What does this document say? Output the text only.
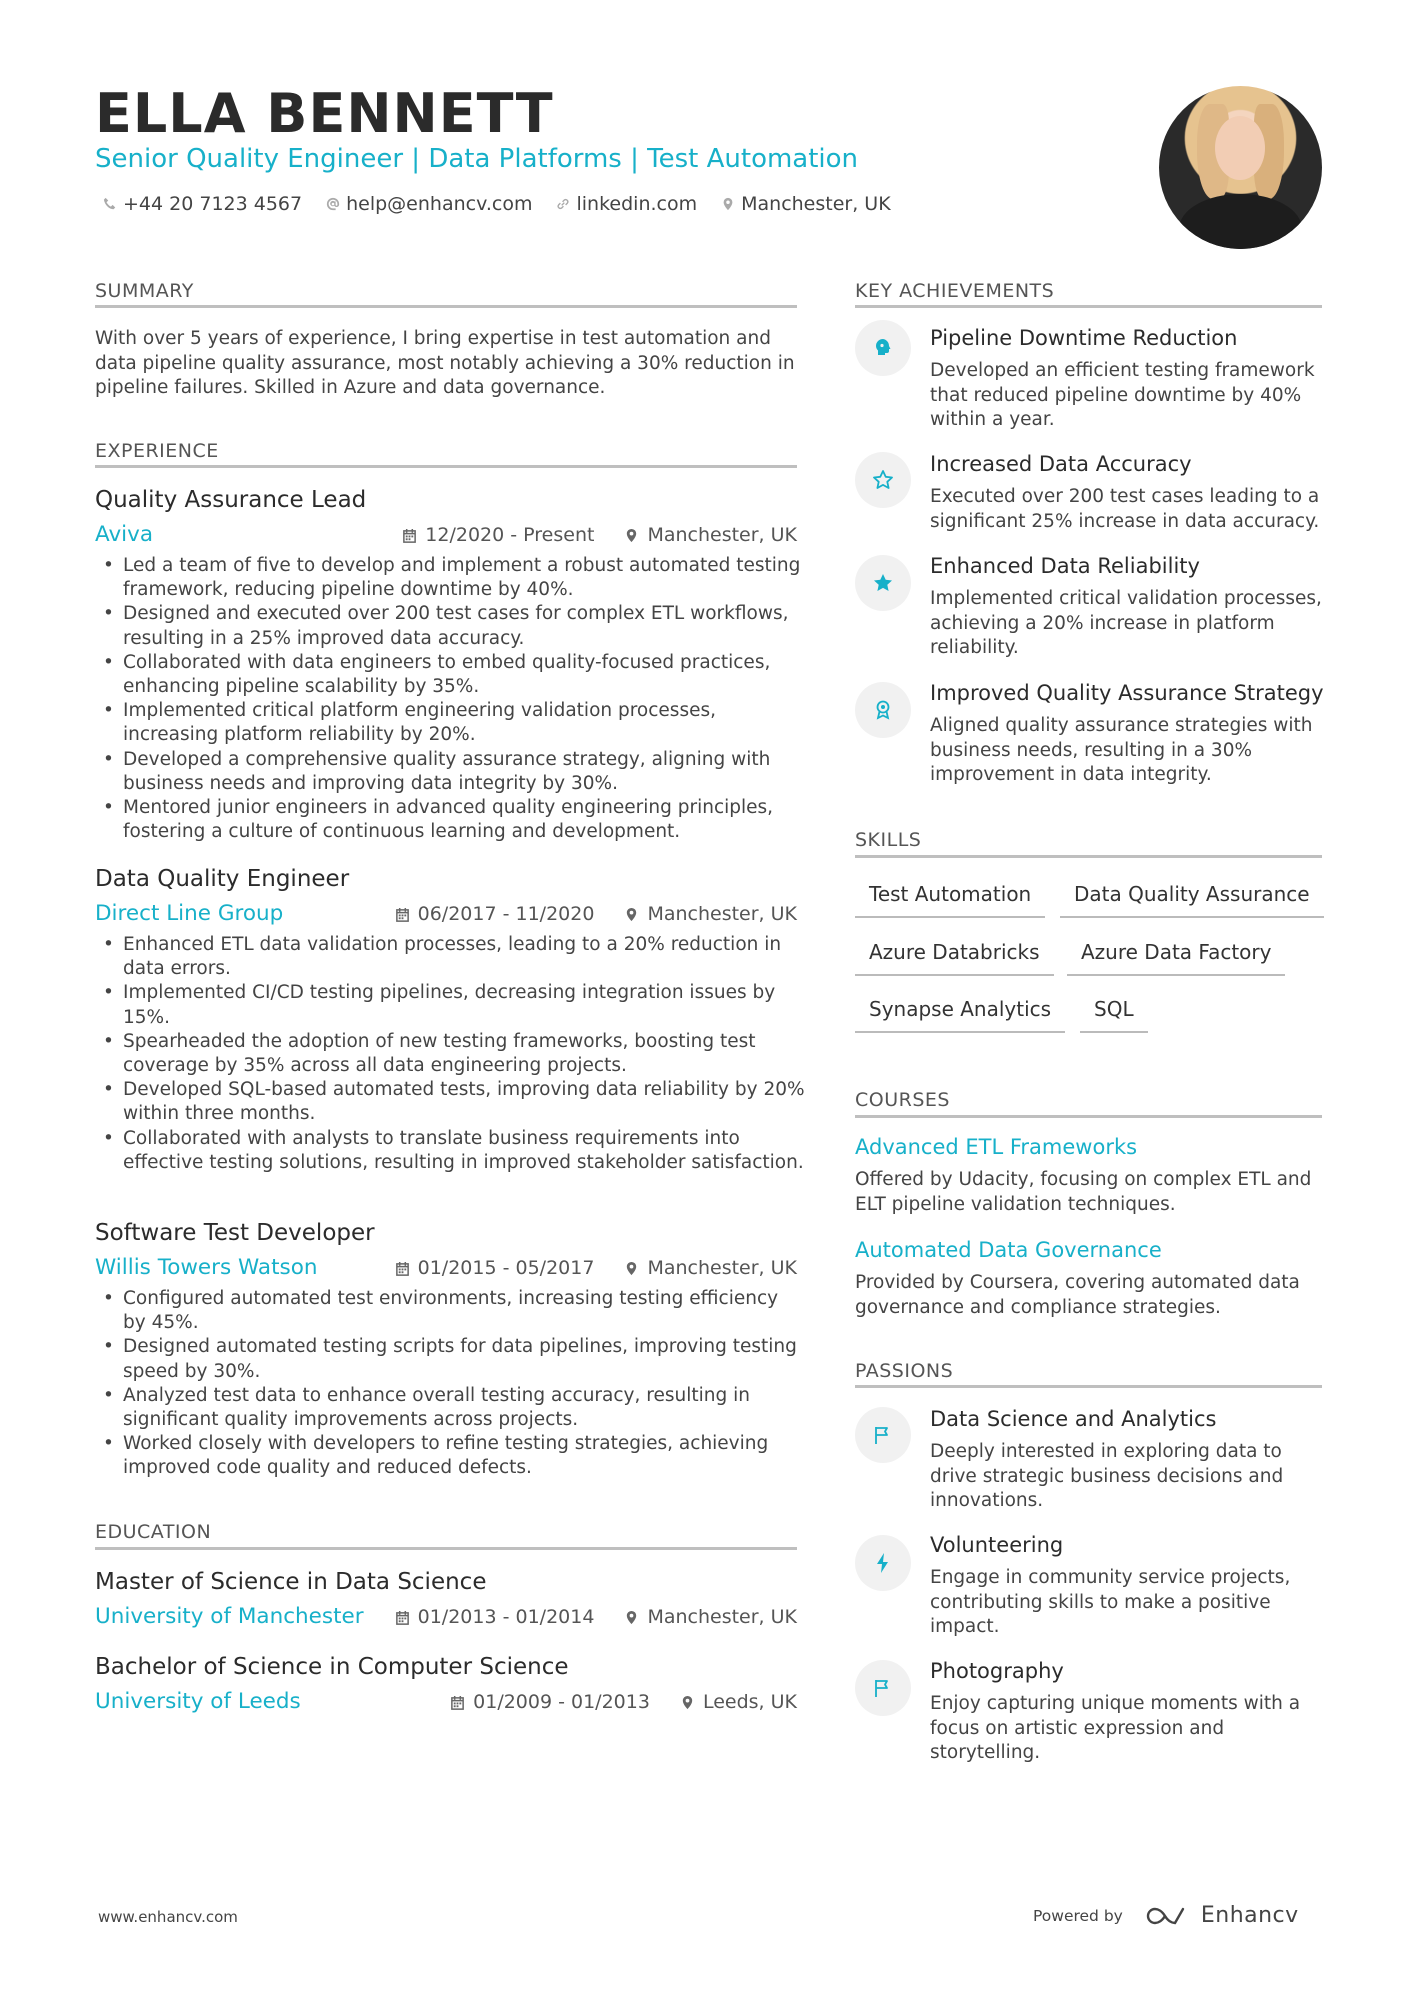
ELLA BENNETT
Senior Quality Engineer | Data Platforms | Test Automation
+44 20 7123 4567 help@enhancv.com linkedin.com Manchester, UK
SUMMARY
With over 5 years of experience, I bring expertise in test automation and data pipeline quality assurance, most notably achieving a 30% reduction in pipeline failures. Skilled in Azure and data governance.
EXPERIENCE
Quality Assurance Lead
Aviva	12/2020 - Present	Manchester, UK
• Led a team of five to develop and implement a robust automated testing framework, reducing pipeline downtime by 40%.
• Designed and executed over 200 test cases for complex ETL workflows, resulting in a 25% improved data accuracy.
• Collaborated with data engineers to embed quality-focused practices, enhancing pipeline scalability by 35%.
• Implemented critical platform engineering validation processes, increasing platform reliability by 20%.
• Developed a comprehensive quality assurance strategy, aligning with business needs and improving data integrity by 30%.
• Mentored junior engineers in advanced quality engineering principles, fostering a culture of continuous learning and development.
Data Quality Engineer
Direct Line Group	06/2017 - 11/2020	Manchester, UK
• Enhanced ETL data validation processes, leading to a 20% reduction in data errors.
• Implemented CI/CD testing pipelines, decreasing integration issues by 15%.
• Spearheaded the adoption of new testing frameworks, boosting test coverage by 35% across all data engineering projects.
• Developed SQL-based automated tests, improving data reliability by 20% within three months.
• Collaborated with analysts to translate business requirements into effective testing solutions, resulting in improved stakeholder satisfaction.
Software Test Developer
Willis Towers Watson	01/2015 - 05/2017	Manchester, UK
• Configured automated test environments, increasing testing efficiency by 45%.
• Designed automated testing scripts for data pipelines, improving testing speed by 30%.
• Analyzed test data to enhance overall testing accuracy, resulting in significant quality improvements across projects.
• Worked closely with developers to refine testing strategies, achieving improved code quality and reduced defects.
EDUCATION
Master of Science in Data Science
University of Manchester	01/2013 - 01/2014	Manchester, UK
Bachelor of Science in Computer Science
University of Leeds	01/2009 - 01/2013	Leeds, UK
KEY ACHIEVEMENTS
Pipeline Downtime Reduction
Developed an efficient testing framework that reduced pipeline downtime by 40% within a year.
Increased Data Accuracy
Executed over 200 test cases leading to a significant 25% increase in data accuracy.
Enhanced Data Reliability
Implemented critical validation processes, achieving a 20% increase in platform reliability.
Improved Quality Assurance Strategy
Aligned quality assurance strategies with business needs, resulting in a 30% improvement in data integrity.
SKILLS
Test Automation	Data Quality Assurance
Azure Databricks	Azure Data Factory
Synapse Analytics	SQL
COURSES
Advanced ETL Frameworks
Offered by Udacity, focusing on complex ETL and ELT pipeline validation techniques.
Automated Data Governance
Provided by Coursera, covering automated data governance and compliance strategies.
PASSIONS
Data Science and Analytics
Deeply interested in exploring data to drive strategic business decisions and innovations.
Volunteering
Engage in community service projects, contributing skills to make a positive impact.
Photography
Enjoy capturing unique moments with a focus on artistic expression and storytelling.
www.enhancv.com	Powered by	Enhancv
